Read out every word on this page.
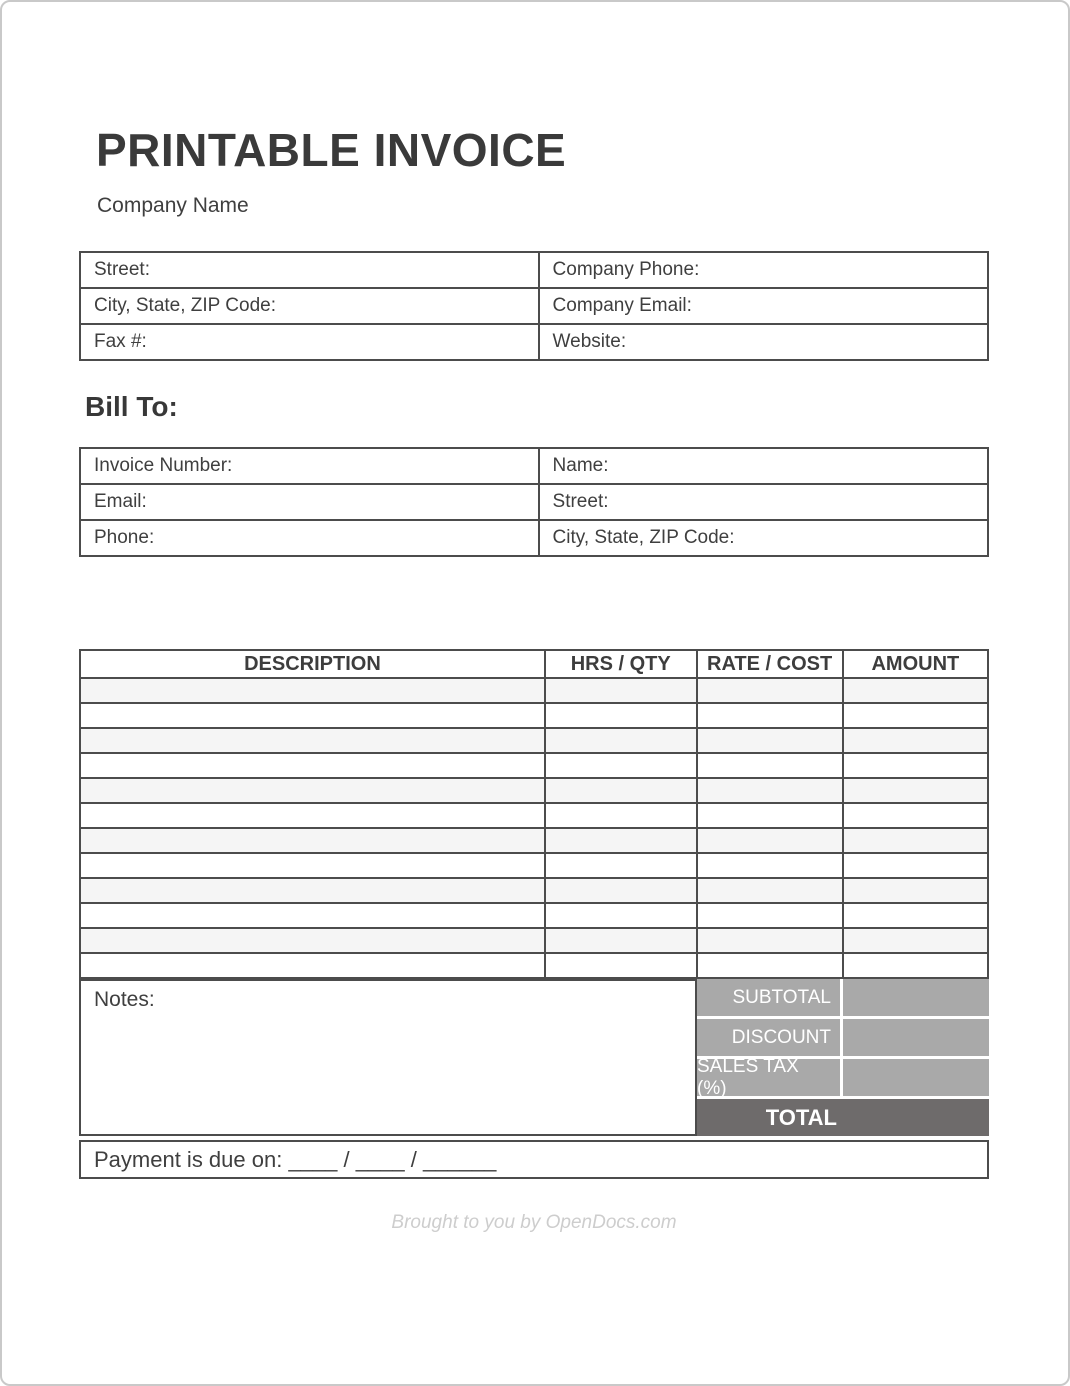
PRINTABLE INVOICE
Company Name
Street:	Company Phone:
City, State, ZIP Code:	Company Email:
Fax #:	Website:
Bill To:
Invoice Number:	Name:
Email:	Street:
Phone:	City, State, ZIP Code:
DESCRIPTION	HRS / QTY	RATE / COST	AMOUNT

Notes:	SUBTOTAL
DISCOUNT
SALES TAX (%)
TOTAL
Payment is due on: ____ / ____ / ______
Brought to you by OpenDocs.com
